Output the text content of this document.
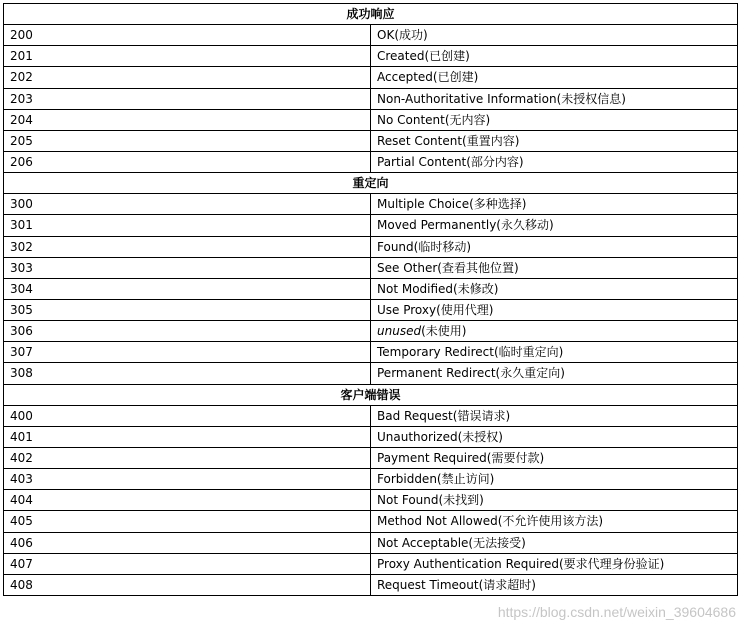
成功响应	
200	OK(成功)
201	Created(已创建)
202	Accepted(已创建)
203	Non-Authoritative Information(未授权信息)
204	No Content(无内容)
205	Reset Content(重置内容)
206	Partial Content(部分内容)
重定向	
300	Multiple Choice(多种选择)
301	Moved Permanently(永久移动)
302	Found(临时移动)
303	See Other(查看其他位置)
304	Not Modified(未修改)
305	Use Proxy(使用代理)
306	unused(未使用)
307	Temporary Redirect(临时重定向)
308	Permanent Redirect(永久重定向)
客户端错误	
400	Bad Request(错误请求)
401	Unauthorized(未授权)
402	Payment Required(需要付款)
403	Forbidden(禁止访问)
404	Not Found(未找到)
405	Method Not Allowed(不允许使用该方法)
406	Not Acceptable(无法接受)
407	Proxy Authentication Required(要求代理身份验证)
408	Request Timeout(请求超时)
https://blog.csdn.net/weixin_39604686
